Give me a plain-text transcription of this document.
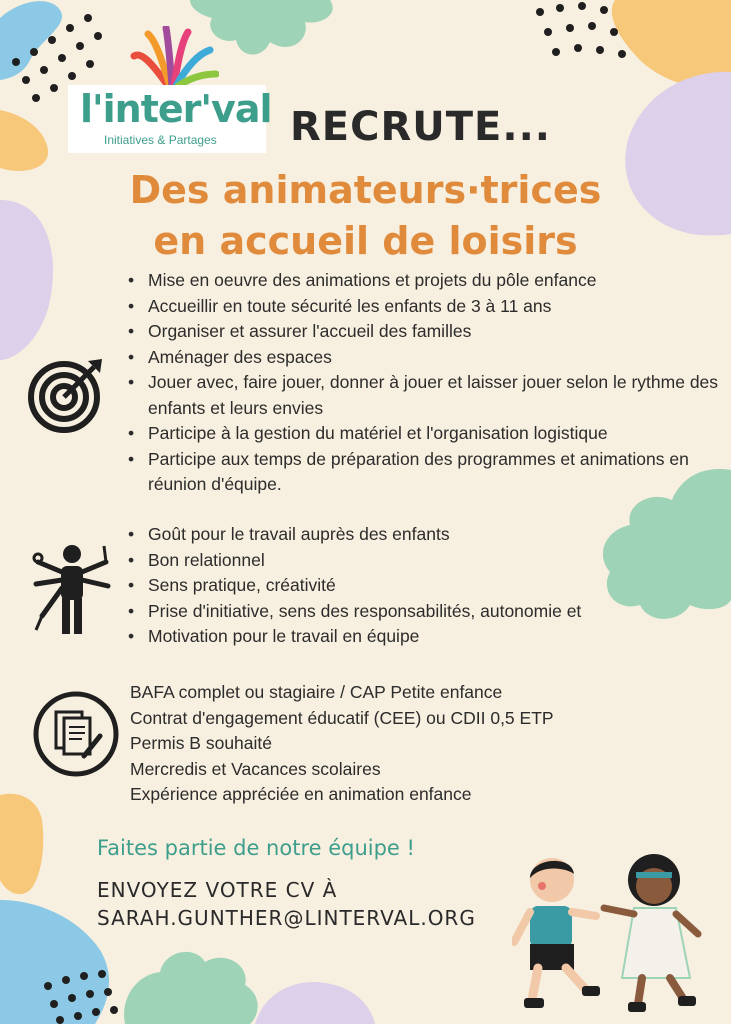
l'inter'val
Initiatives & Partages RECRUTE...
Des animateurs·trices
en accueil de loisirs
• Mise en oeuvre des animations et projets du pôle enfance
• Accueillir en toute sécurité les enfants de 3 à 11 ans
• Organiser et assurer l'accueil des familles
• Aménager des espaces
• Jouer avec, faire jouer, donner à jouer et laisser jouer selon le rythme des enfants et leurs envies
• Participe à la gestion du matériel et l'organisation logistique
• Participe aux temps de préparation des programmes et animations en réunion d'équipe.
• Goût pour le travail auprès des enfants
• Bon relationnel
• Sens pratique, créativité
• Prise d'initiative, sens des responsabilités, autonomie et
• Motivation pour le travail en équipe
BAFA complet ou stagiaire / CAP Petite enfance
Contrat d'engagement éducatif (CEE) ou CDII 0,5 ETP
Permis B souhaité
Mercredis et Vacances scolaires
Expérience appréciée en animation enfance
Faites partie de notre équipe !
ENVOYEZ VOTRE CV À
SARAH.GUNTHER@LINTERVAL.ORG
